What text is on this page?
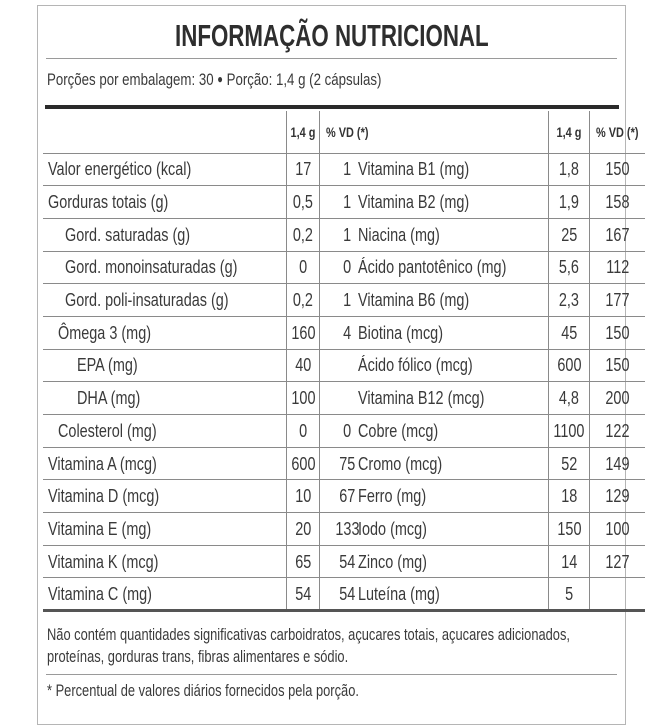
INFORMAÇÃO NUTRICIONAL
Porções por embalagem: 30 ● Porção: 1,4 g (2 cápsulas)
	1,4 g	% VD (*)
Valor energético (kcal)	17	1
Gorduras totais (g)	0,5	1
Gord. saturadas (g)	0,2	1
Gord. monoinsaturadas (g)	0	0
Gord. poli-insaturadas (g)	0,2	1
Ômega 3 (mg)	160	4
EPA (mg)	40	
DHA (mg)	100	
Colesterol (mg)	0	0
Vitamina A (mcg)	600	75
Vitamina D (mcg)	10	67
Vitamina E (mg)	20	133
Vitamina K (mcg)	65	54
Vitamina C (mg)	54	54
	1,4 g	% VD (*)
Vitamina B1 (mg)	1,8	150
Vitamina B2 (mg)	1,9	158
Niacina (mg)	25	167
Ácido pantotênico (mg)	5,6	112
Vitamina B6 (mg)	2,3	177
Biotina (mcg)	45	150
Ácido fólico (mcg)	600	150
Vitamina B12 (mcg)	4,8	200
Cobre (mcg)	1100	122
Cromo (mcg)	52	149
Ferro (mg)	18	129
Iodo (mcg)	150	100
Zinco (mg)	14	127
Luteína (mg)	5	
Não contém quantidades significativas carboidratos, açucares totais, açucares adicionados, proteínas, gorduras trans, fibras alimentares e sódio.
* Percentual de valores diários fornecidos pela porção.
